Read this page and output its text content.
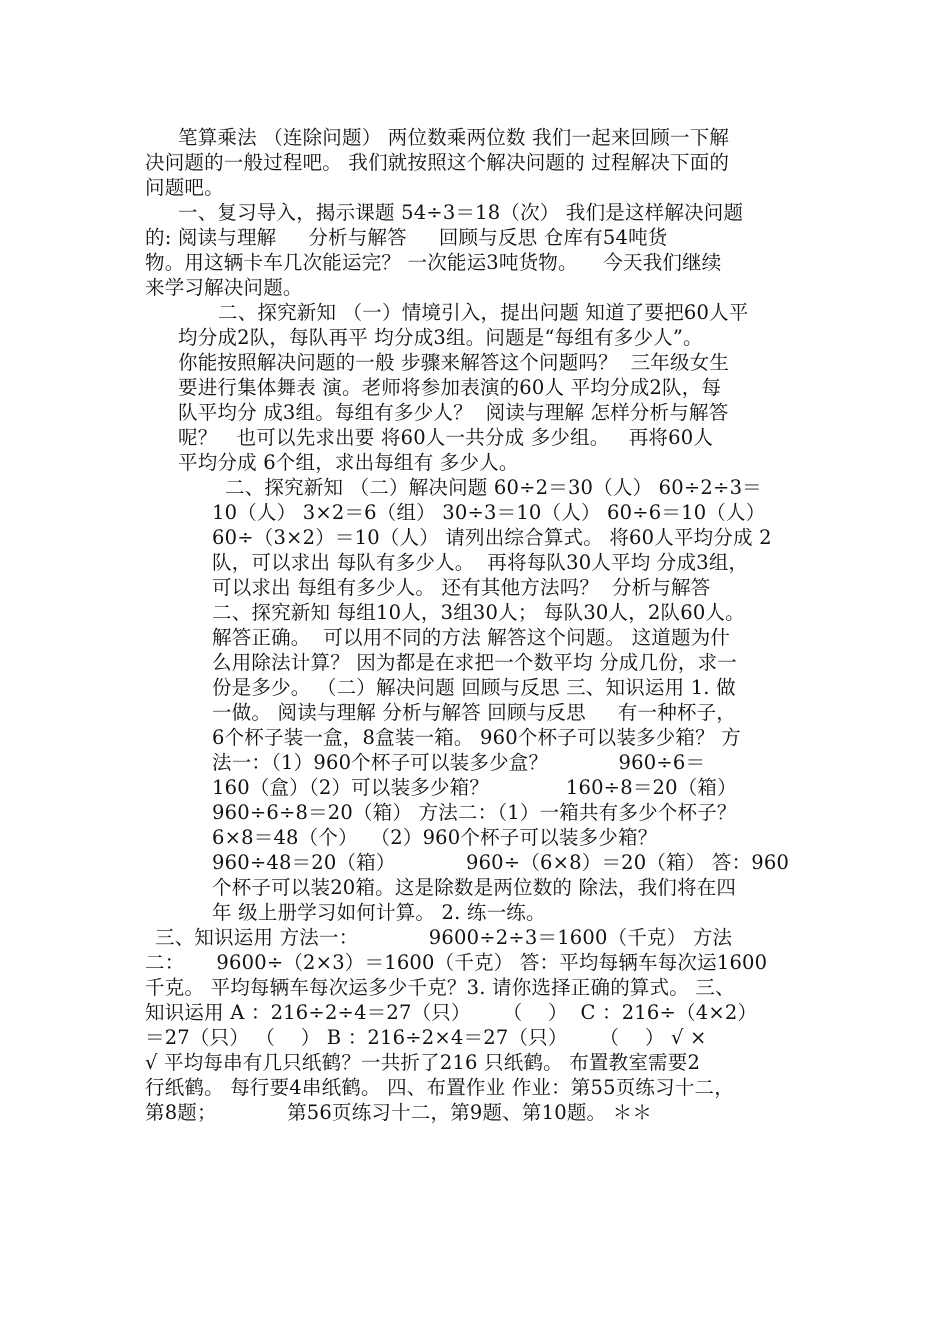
笔算乘法 （连除问题） 两位数乘两位数 我们一起来回顾一下解
决问题的一般过程吧。 我们就按照这个解决问题的 过程解决下面的
问题吧。
一、复习导入，揭示课题 54÷3＝18（次） 我们是这样解决问题
的: 阅读与理解     分析与解答     回顾与反思 仓库有54吨货
物。用这辆卡车几次能运完？ 一次能运3吨货物。    今天我们继续
来学习解决问题。
二、探究新知 （一）情境引入，提出问题 知道了要把60人平
均分成2队，每队再平 均分成3组。问题是“每组有多少人”。
你能按照解决问题的一般 步骤来解答这个问题吗？  三年级女生
要进行集体舞表 演。老师将参加表演的60人 平均分成2队，每
队平均分 成3组。每组有多少人？  阅读与理解 怎样分析与解答
呢？   也可以先求出要 将60人一共分成 多少组。   再将60人
平均分成 6个组，求出每组有 多少人。
二、探究新知 （二）解决问题 60÷2＝30（人） 60÷2÷3＝
10（人） 3×2＝6（组） 30÷3＝10（人） 60÷6＝10（人）
60÷（3×2）＝10（人） 请列出综合算式。 将60人平均分成 2
队，可以求出 每队有多少人。  再将每队30人平均 分成3组，
可以求出 每组有多少人。 还有其他方法吗？  分析与解答
二、探究新知 每组10人，3组30人； 每队30人，2队60人。
解答正确。  可以用不同的方法 解答这个问题。 这道题为什
么用除法计算？ 因为都是在求把一个数平均 分成几份，求一
份是多少。 （二）解决问题 回顾与反思 三、知识运用 1. 做
一做。 阅读与理解 分析与解答 回顾与反思     有一种杯子，
6个杯子装一盒，8盒装一箱。 960个杯子可以装多少箱？ 方
法一：（1）960个杯子可以装多少盒？           960÷6＝
160（盒）（2）可以装多少箱？            160÷8＝20（箱）
960÷6÷8＝20（箱） 方法二：（1）一箱共有多少个杯子？
6×8＝48（个）  （2）960个杯子可以装多少箱？
960÷48＝20（箱）           960÷（6×8）＝20（箱） 答：960
个杯子可以装20箱。这是除数是两位数的 除法，我们将在四
年 级上册学习如何计算。 2. 练一练。
三、知识运用 方法一：           9600÷2÷3＝1600（千克） 方法
二：     9600÷（2×3）＝1600（千克） 答：平均每辆车每次运1600
千克。 平均每辆车每次运多少千克？3. 请你选择正确的算式。 三、
知识运用 A ：216÷2÷4＝27（只）     （    ）  C ：216÷（4×2）
＝27（只） （    ） B ：216÷2×4＝27（只）     （    ） √ ×
√ 平均每串有几只纸鹤？一共折了216 只纸鹤。 布置教室需要2
行纸鹤。 每行要4串纸鹤。 四、布置作业 作业：第55页练习十二，
第8题；           第56页练习十二，第9题、第10题。 ＊＊
